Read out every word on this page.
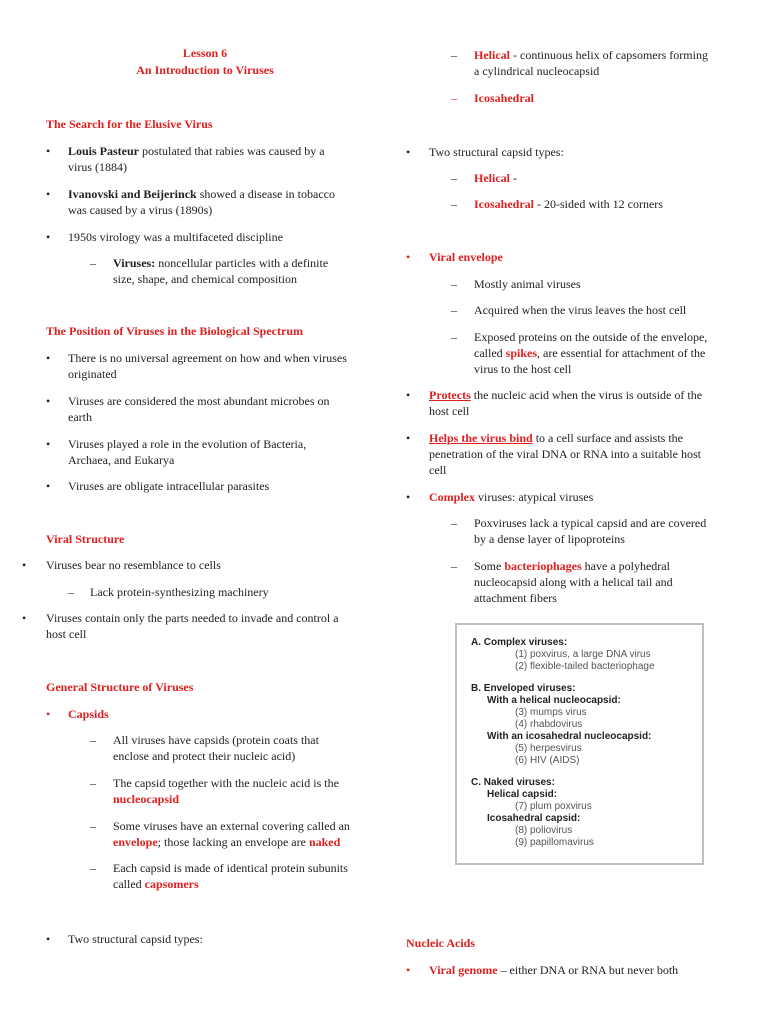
Lesson 6
An Introduction to Viruses
The Search for the Elusive Virus
•	Louis Pasteur postulated that rabies was caused by a
virus (1884)
•	Ivanovski and Beijerinck showed a disease in tobacco
was caused by a virus (1890s)
•	1950s virology was a multifaceted discipline
–	Viruses: noncellular particles with a definite
size, shape, and chemical composition
The Position of Viruses in the Biological Spectrum
•	There is no universal agreement on how and when viruses
originated
•	Viruses are considered the most abundant microbes on
earth
•	Viruses played a role in the evolution of Bacteria,
Archaea, and Eukarya
•	Viruses are obligate intracellular parasites
Viral Structure
•	Viruses bear no resemblance to cells
–	Lack protein-synthesizing machinery
•	Viruses contain only the parts needed to invade and control a
host cell
General Structure of Viruses
•	Capsids
–	All viruses have capsids (protein coats that
enclose and protect their nucleic acid)
–	The capsid together with the nucleic acid is the
nucleocapsid
–	Some viruses have an external covering called an
envelope; those lacking an envelope are naked
–	Each capsid is made of identical protein subunits
called capsomers
•	Two structural capsid types:
–	Helical - continuous helix of capsomers forming
a cylindrical nucleocapsid
–	Icosahedral
•	Two structural capsid types:
–	Helical -
–	Icosahedral - 20-sided with 12 corners
•	Viral envelope
–	Mostly animal viruses
–	Acquired when the virus leaves the host cell
–	Exposed proteins on the outside of the envelope,
called spikes, are essential for attachment of the
virus to the host cell
•	Protects the nucleic acid when the virus is outside of the
host cell
•	Helps the virus bind to a cell surface and assists the
penetration of the viral DNA or RNA into a suitable host
cell
•	Complex viruses: atypical viruses
–	Poxviruses lack a typical capsid and are covered
by a dense layer of lipoproteins
–	Some bacteriophages have a polyhedral
nucleocapsid along with a helical tail and
attachment fibers
Nucleic Acids
•	Viral genome – either DNA or RNA but never both
A. Complex viruses:
(1) poxvirus, a large DNA virus
(2) flexible-tailed bacteriophage
B. Enveloped viruses:
With a helical nucleocapsid:
(3) mumps virus
(4) rhabdovirus
With an icosahedral nucleocapsid:
(5) herpesvirus
(6) HIV (AIDS)
C. Naked viruses:
Helical capsid:
(7) plum poxvirus
Icosahedral capsid:
(8) poliovirus
(9) papillomavirus
